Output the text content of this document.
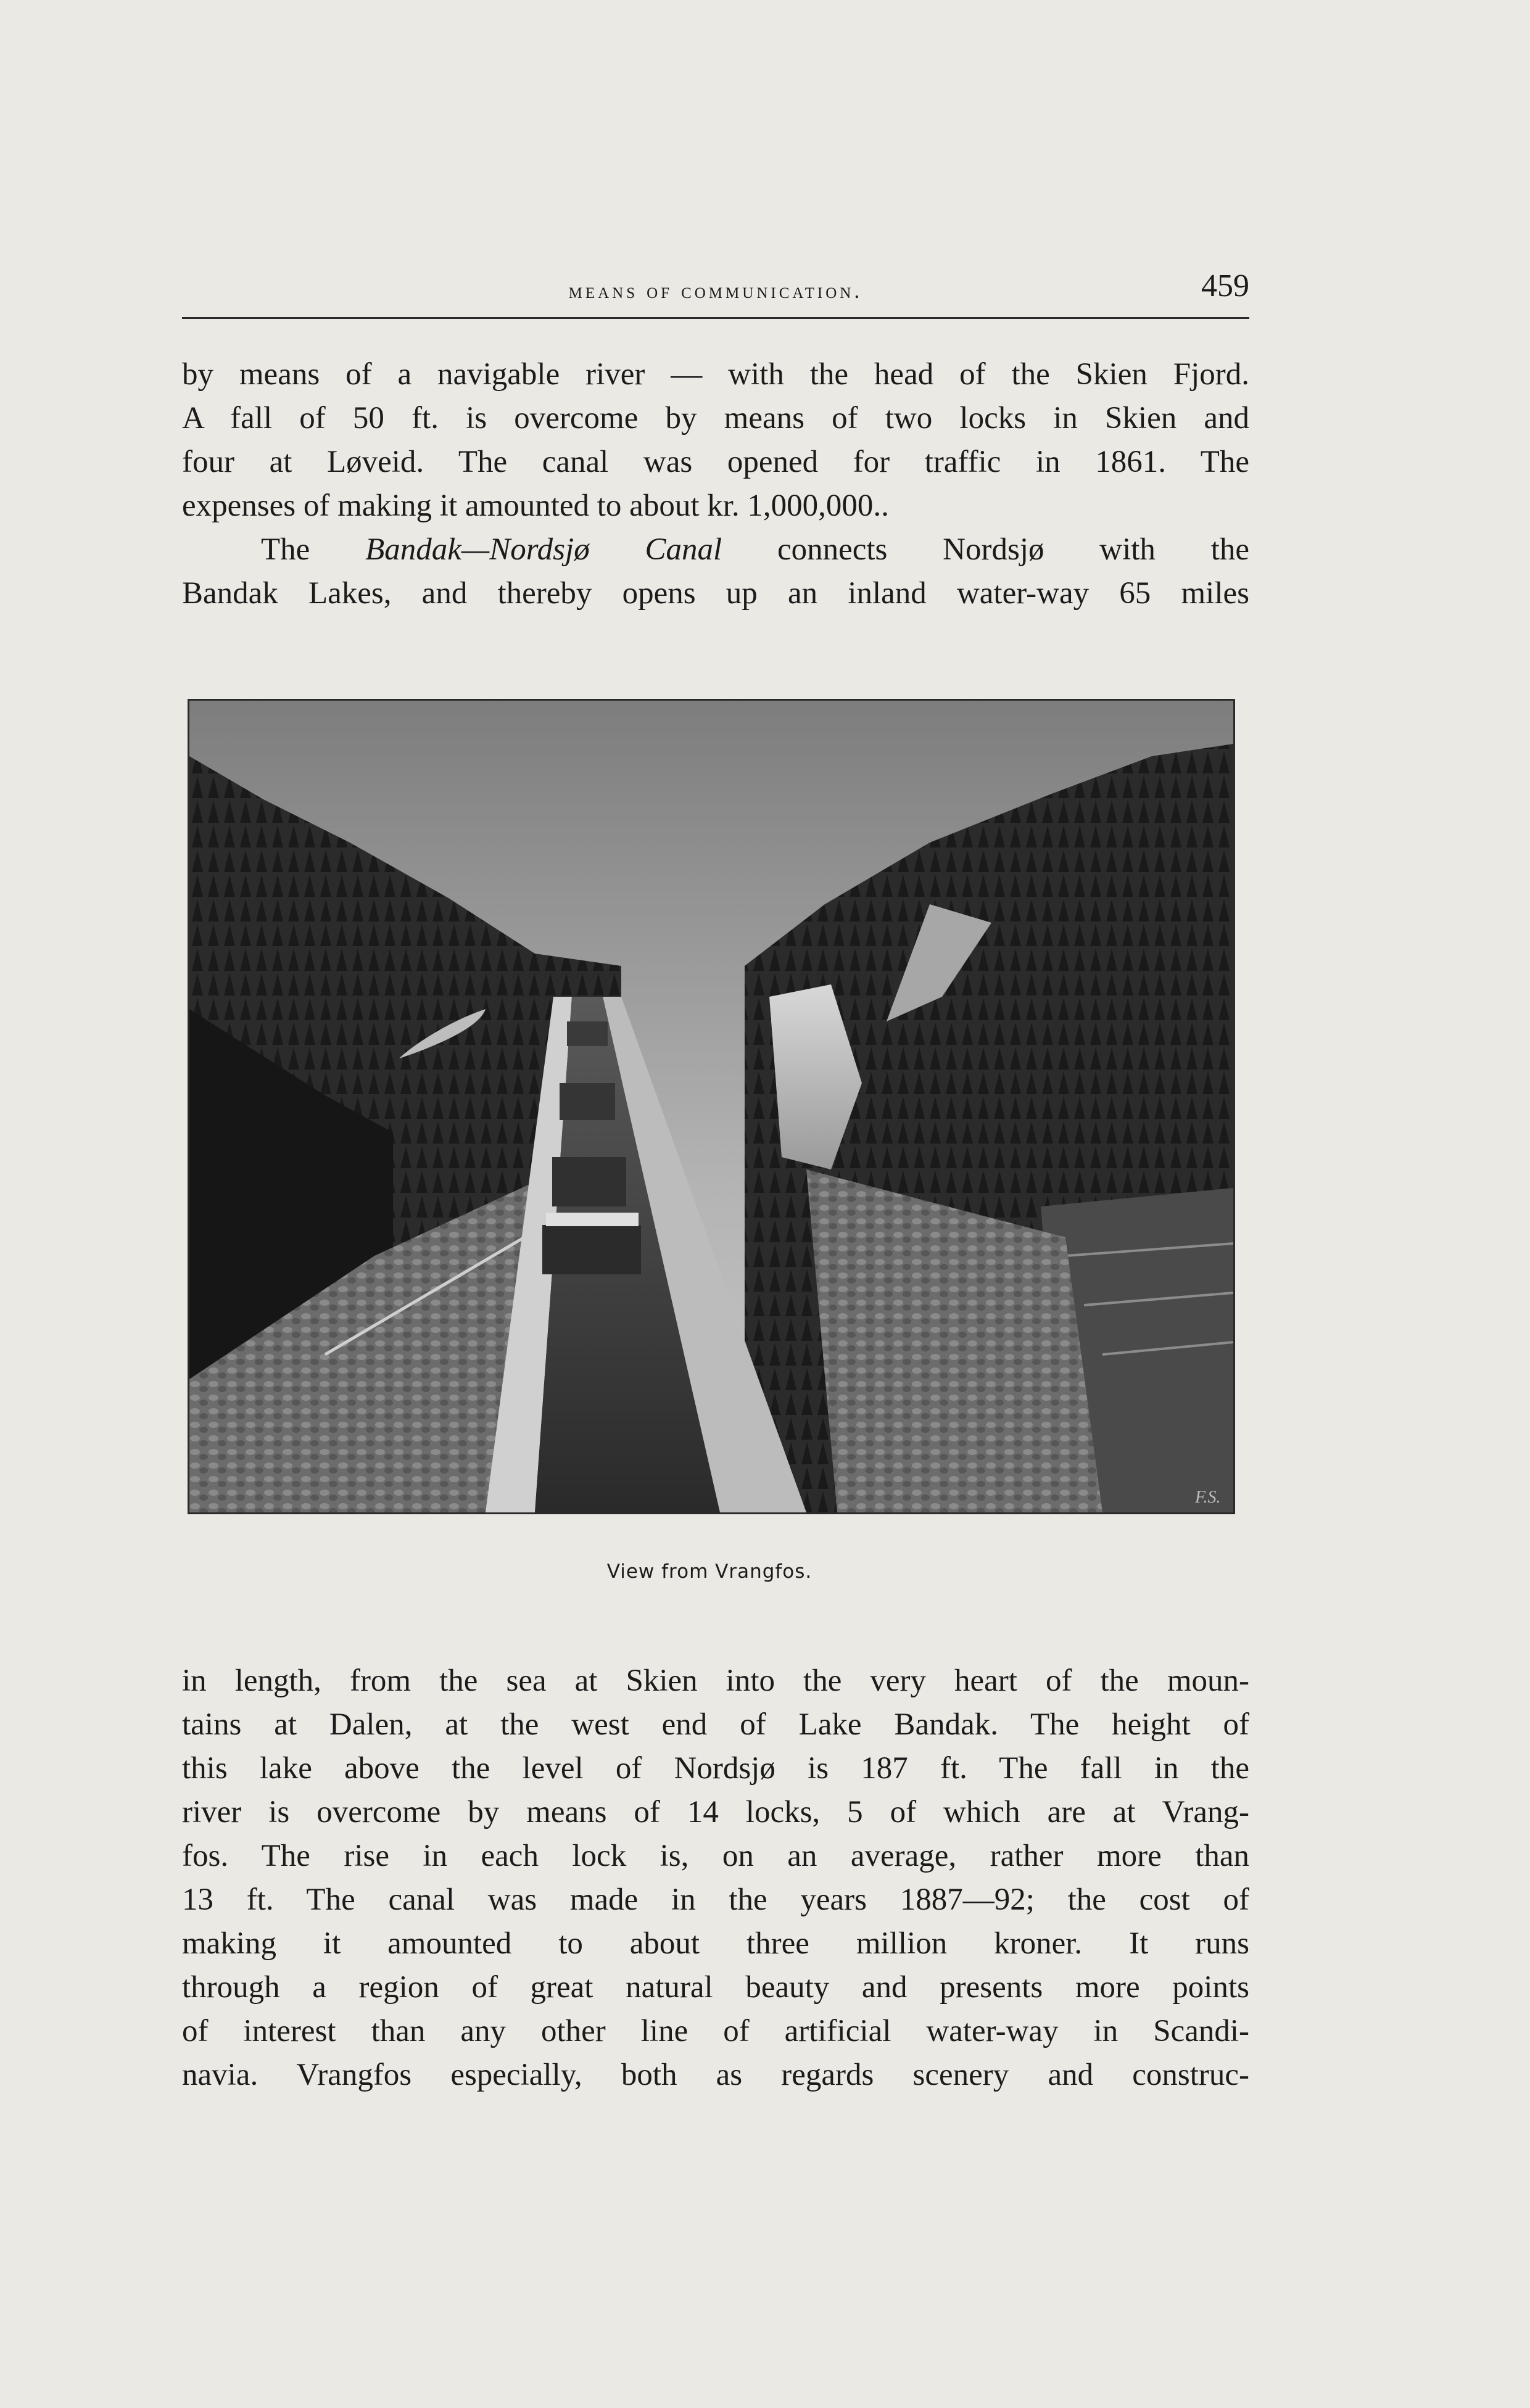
means of communication.	459
by means of a navigable river — with the head of the Skien Fjord.
A fall of 50 ft. is overcome by means of two locks in Skien and
four at Løveid. The canal was opened for traffic in 1861. The
expenses of making it amounted to about kr. 1,000,000..
The Bandak—Nordsjø Canal connects Nordsjø with the
Bandak Lakes, and thereby opens up an inland water-way 65 miles
F.S.
View from Vrangfos.
in length, from the sea at Skien into the very heart of the moun-
tains at Dalen, at the west end of Lake Bandak. The height of
this lake above the level of Nordsjø is 187 ft. The fall in the
river is overcome by means of 14 locks, 5 of which are at Vrang-
fos. The rise in each lock is, on an average, rather more than
13 ft. The canal was made in the years 1887—92; the cost of
making it amounted to about three million kroner. It runs
through a region of great natural beauty and presents more points
of interest than any other line of artificial water-way in Scandi-
navia. Vrangfos especially, both as regards scenery and construc-
